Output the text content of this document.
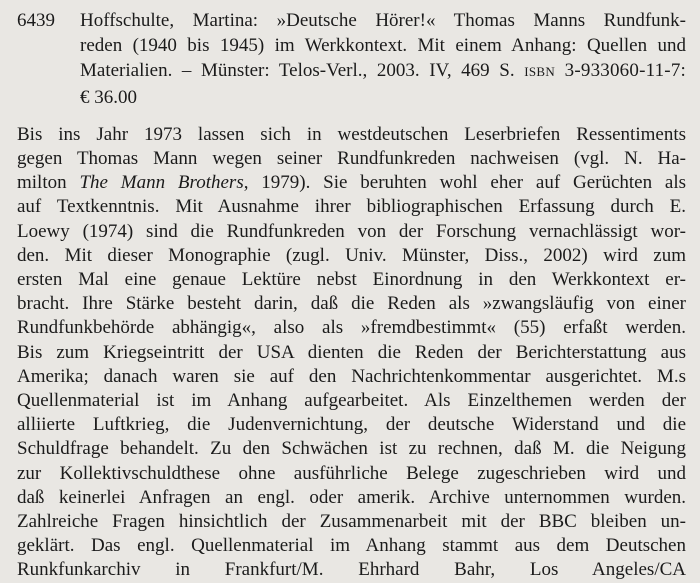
6439 Hoffschulte, Martina: »Deutsche Hörer!« Thomas Manns Rundfunk-
reden (1940 bis 1945) im Werkkontext. Mit einem Anhang: Quellen und
Materialien. – Münster: Telos-Verl., 2003. IV, 469 S. ISBN 3-933060-11-7:
€ 36.00
Bis ins Jahr 1973 lassen sich in westdeutschen Leserbriefen Ressentiments
gegen Thomas Mann wegen seiner Rundfunkreden nachweisen (vgl. N. Ha-
milton The Mann Brothers, 1979). Sie beruhten wohl eher auf Gerüchten als
auf Textkenntnis. Mit Ausnahme ihrer bibliographischen Erfassung durch E.
Loewy (1974) sind die Rundfunkreden von der Forschung vernachlässigt wor-
den. Mit dieser Monographie (zugl. Univ. Münster, Diss., 2002) wird zum
ersten Mal eine genaue Lektüre nebst Einordnung in den Werkkontext er-
bracht. Ihre Stärke besteht darin, daß die Reden als »zwangsläufig von einer
Rundfunkbehörde abhängig«, also als »fremdbestimmt« (55) erfaßt werden.
Bis zum Kriegseintritt der USA dienten die Reden der Berichterstattung aus
Amerika; danach waren sie auf den Nachrichtenkommentar ausgerichtet. M.s
Quellenmaterial ist im Anhang aufgearbeitet. Als Einzelthemen werden der
alliierte Luftkrieg, die Judenvernichtung, der deutsche Widerstand und die
Schuldfrage behandelt. Zu den Schwächen ist zu rechnen, daß M. die Neigung
zur Kollektivschuldthese ohne ausführliche Belege zugeschrieben wird und
daß keinerlei Anfragen an engl. oder amerik. Archive unternommen wurden.
Zahlreiche Fragen hinsichtlich der Zusammenarbeit mit der BBC bleiben un-
geklärt. Das engl. Quellenmaterial im Anhang stammt aus dem Deutschen
Runkfunkarchiv in Frankfurt/M. Ehrhard Bahr, Los Angeles/CA
